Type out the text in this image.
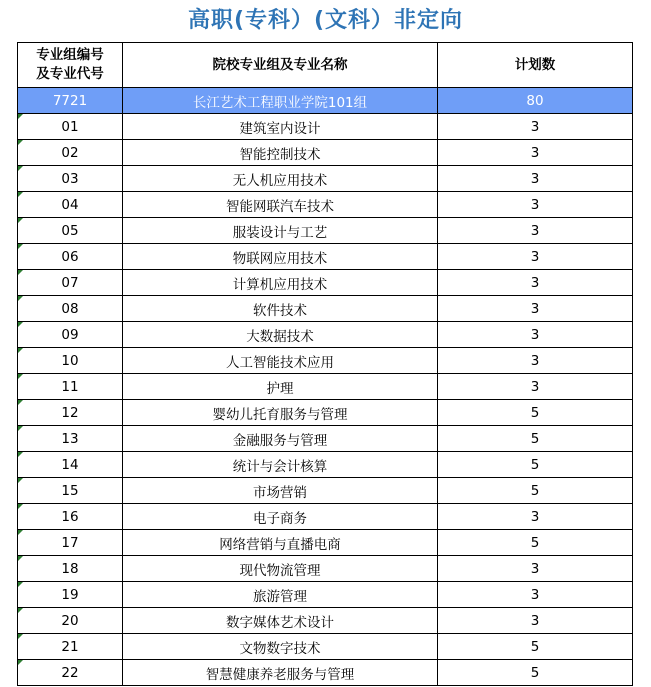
高职(专科）(文科）非定向
专业组编号
及专业代号	院校专业组及专业名称	计划数
7721	长江艺术工程职业学院101组	80
01	建筑室内设计	3
02	智能控制技术	3
03	无人机应用技术	3
04	智能网联汽车技术	3
05	服装设计与工艺	3
06	物联网应用技术	3
07	计算机应用技术	3
08	软件技术	3
09	大数据技术	3
10	人工智能技术应用	3
11	护理	3
12	婴幼儿托育服务与管理	5
13	金融服务与管理	5
14	统计与会计核算	5
15	市场营销	5
16	电子商务	3
17	网络营销与直播电商	5
18	现代物流管理	3
19	旅游管理	3
20	数字媒体艺术设计	3
21	文物数字技术	5
22	智慧健康养老服务与管理	5
